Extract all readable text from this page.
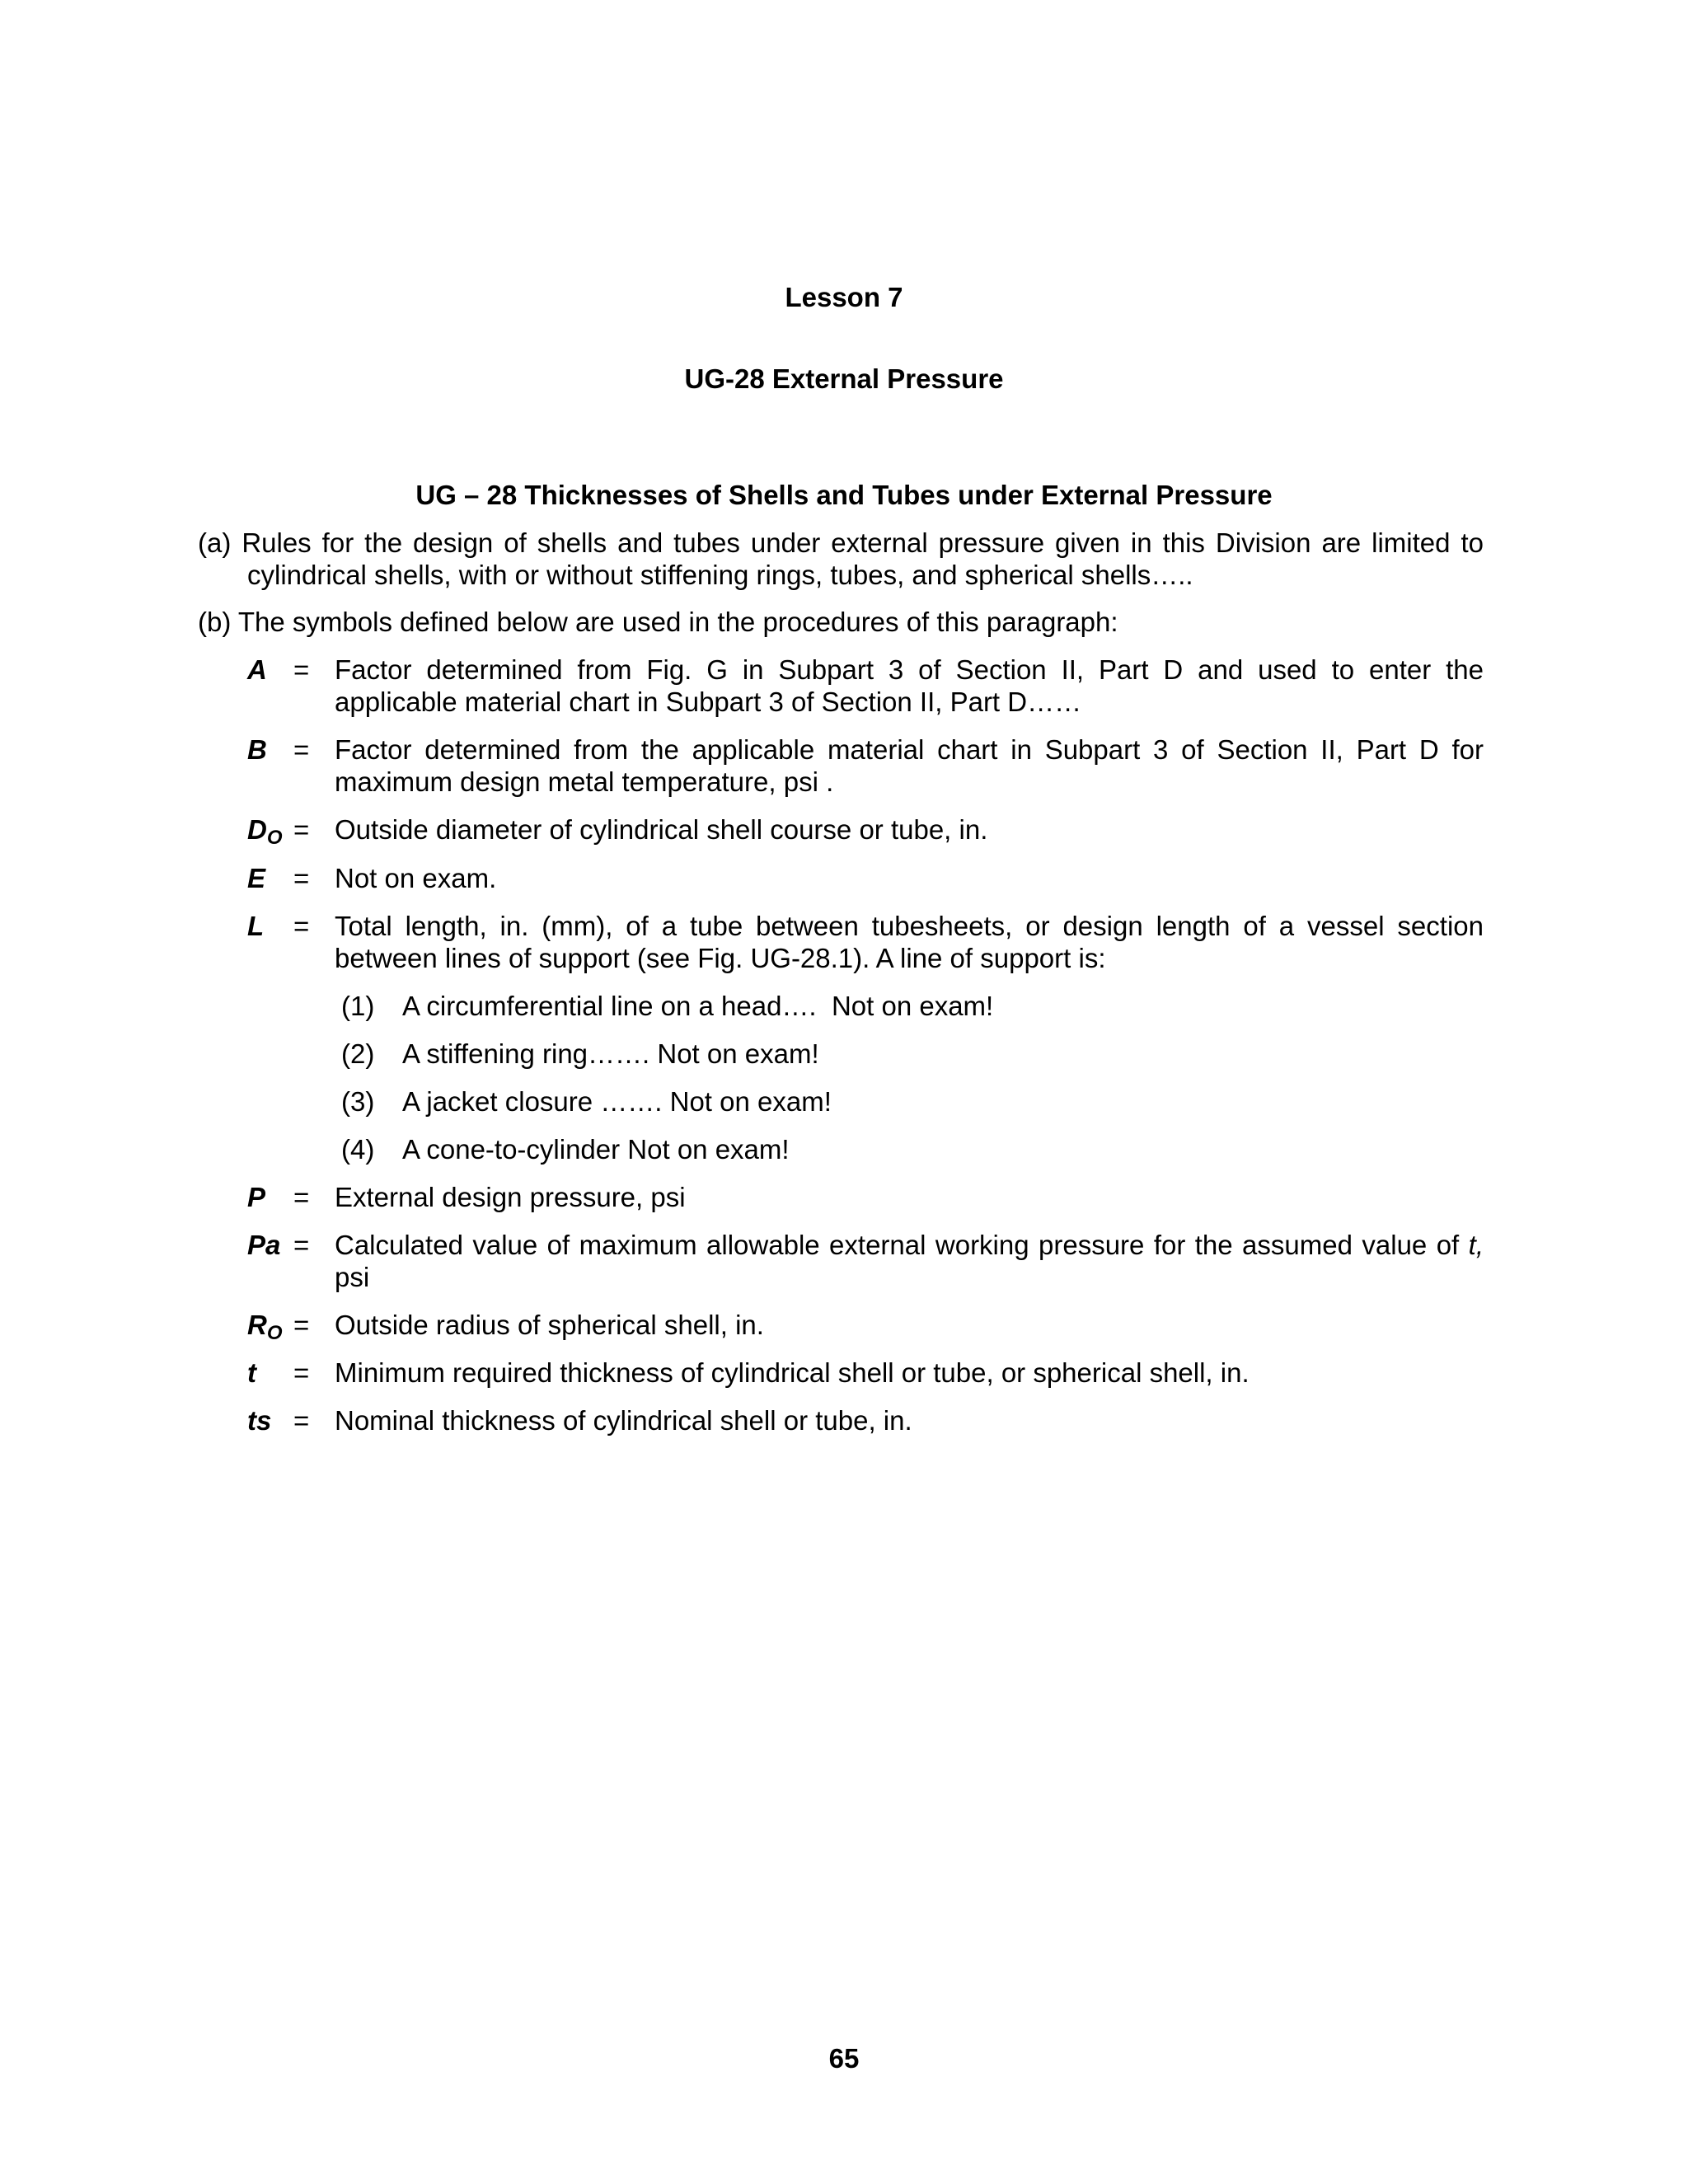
Lesson 7
UG-28 External Pressure
UG – 28 Thicknesses of Shells and Tubes under External Pressure
(a) Rules for the design of shells and tubes under external pressure given in this Division are limited to cylindrical shells, with or without stiffening rings, tubes, and spherical shells…..
(b) The symbols defined below are used in the procedures of this paragraph:
A = Factor determined from Fig. G in Subpart 3 of Section II, Part D and used to enter the applicable material chart in Subpart 3 of Section II, Part D……
B = Factor determined from the applicable material chart in Subpart 3 of Section II, Part D for maximum design metal temperature, psi .
$D_O$ = Outside diameter of cylindrical shell course or tube, in.
E	= Not on exam.
L	= Total length, in. (mm), of a tube between tubesheets, or design length of a vessel section between lines of support (see Fig. UG-28.1). A line of support is:
(1) A circumferential line on a head….  Not on exam!
(2) A stiffening ring……. Not on exam!
(3) A jacket closure ……. Not on exam!
(4) A cone-to-cylinder Not on exam!
P	= External design pressure, psi
Pa = Calculated value of maximum allowable external working pressure for the assumed value of t, psi
$R_O$ = Outside radius of spherical shell, in.
t	= Minimum required thickness of cylindrical shell or tube, or spherical shell, in.
ts = Nominal thickness of cylindrical shell or tube, in.
65
